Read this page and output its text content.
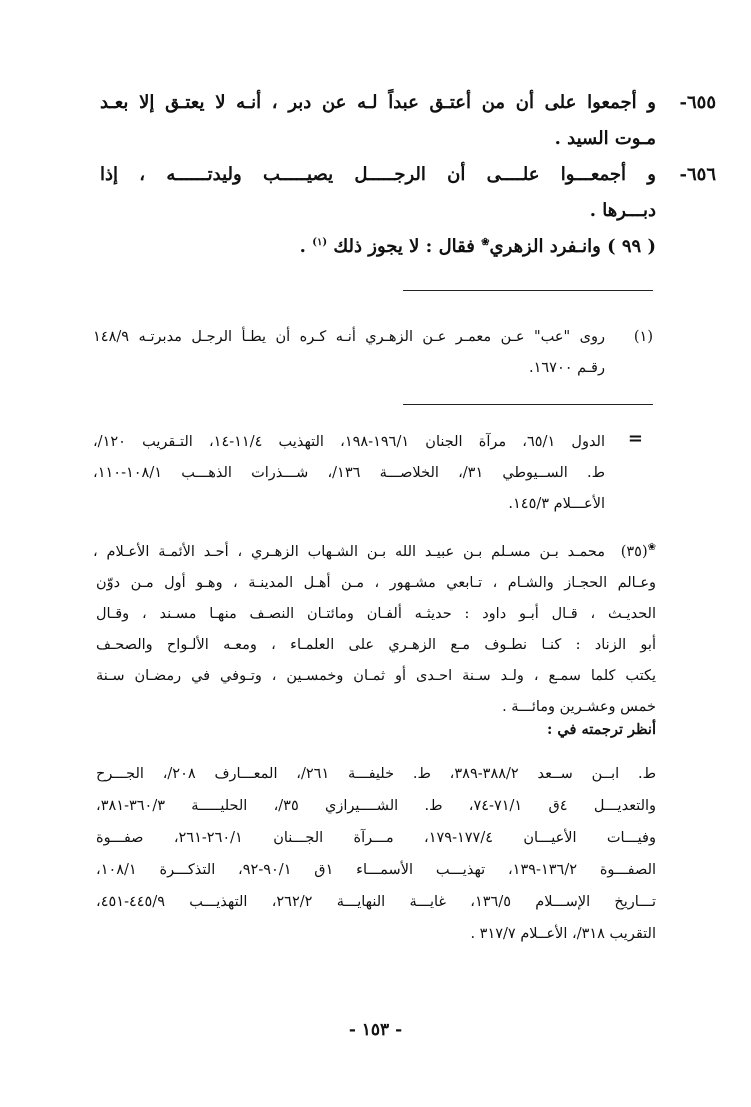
٦٥٥-

و أجمعوا على أن من أعتـق عبداً لـه عن دبر ، أنـه لا يعتـق إلا بعـد

مـوت السيد .

٦٥٦-

و أجمعـــوا علــــى أن الرجـــــل يصيـــــب وليدتــــــه ، إذا

دبـــرها .

( ٩٩ ) وانـفرد الزهري❀ فقال : لا يجوز ذلك $^{(١)}$ .

(١)

روى "عب" عـن معمـر عـن الزهـري أنـه كـره أن يطـأ الرجـل مدبرتـه ١٤٨/٩

رقـم ١٦٧٠٠.

=

الدول ٦٥/١، مرآة الجنان ١٩٦/١-١٩٨، التهذيب ١١/٤-١٤، التـقريب ١٢٠/،

ط. الســيوطي ٣١/، الخلاصـــة ١٣٦/، شـــذرات الذهـــب ١٠٨/١-١١٠،

الأعـــلام ١٤٥/٣.

❀(٣٥)

محمـد بـن مسـلم بـن عبيـد الله بـن الشـهاب الزهـري ، أحـد الأئمـة الأعـلام ،

وعـالم الحجـاز والشـام ، تـابعي مشـهور ، مـن أهـل المدينـة ، وهـو أول مـن دوّن

الحديـث ، قـال أبـو داود : حديثـه ألفـان ومائتـان النصـف منهـا مسـند ، وقـال

أبو الزناد : كنـا نطـوف مـع الزهـري على العلمـاء ، ومعـه الألـواح والصحـف

يكتب كلما سمـع ، ولـد سـنة احـدى أو ثمـان وخمسـين ، وتـوفي في رمضـان سـنة

خمس وعشـرين ومائـــة .

أنظر ترجمته في :

ط. ابــن ســعد ٣٨٨/٢-٣٨٩، ط. خليفـــة ٢٦١/، المعـــارف ٢٠٨/، الجـــرح

والتعديـــل ٤ق ٧١/١-٧٤، ط. الشــــيرازي ٣٥/، الحليـــــة ٣٦٠/٣-٣٨١،

وفيـــات الأعيـــان ١٧٧/٤-١٧٩، مـــرآة الجـــنان ٢٦٠/١-٢٦١، صفـــوة

الصفـــوة ١٣٦/٢-١٣٩، تهذيـــب الأسمـــاء ١ق ٩٠/١-٩٢، التذكـــرة ١٠٨/١،

تـــاريخ الإســـلام ١٣٦/٥، غايـــة النهايـــة ٢٦٢/٢، التهذيـــب ٤٤٥/٩-٤٥١،

التقريب ٣١٨/، الأعــلام ٣١٧/٧ .

- ١٥٣ -
